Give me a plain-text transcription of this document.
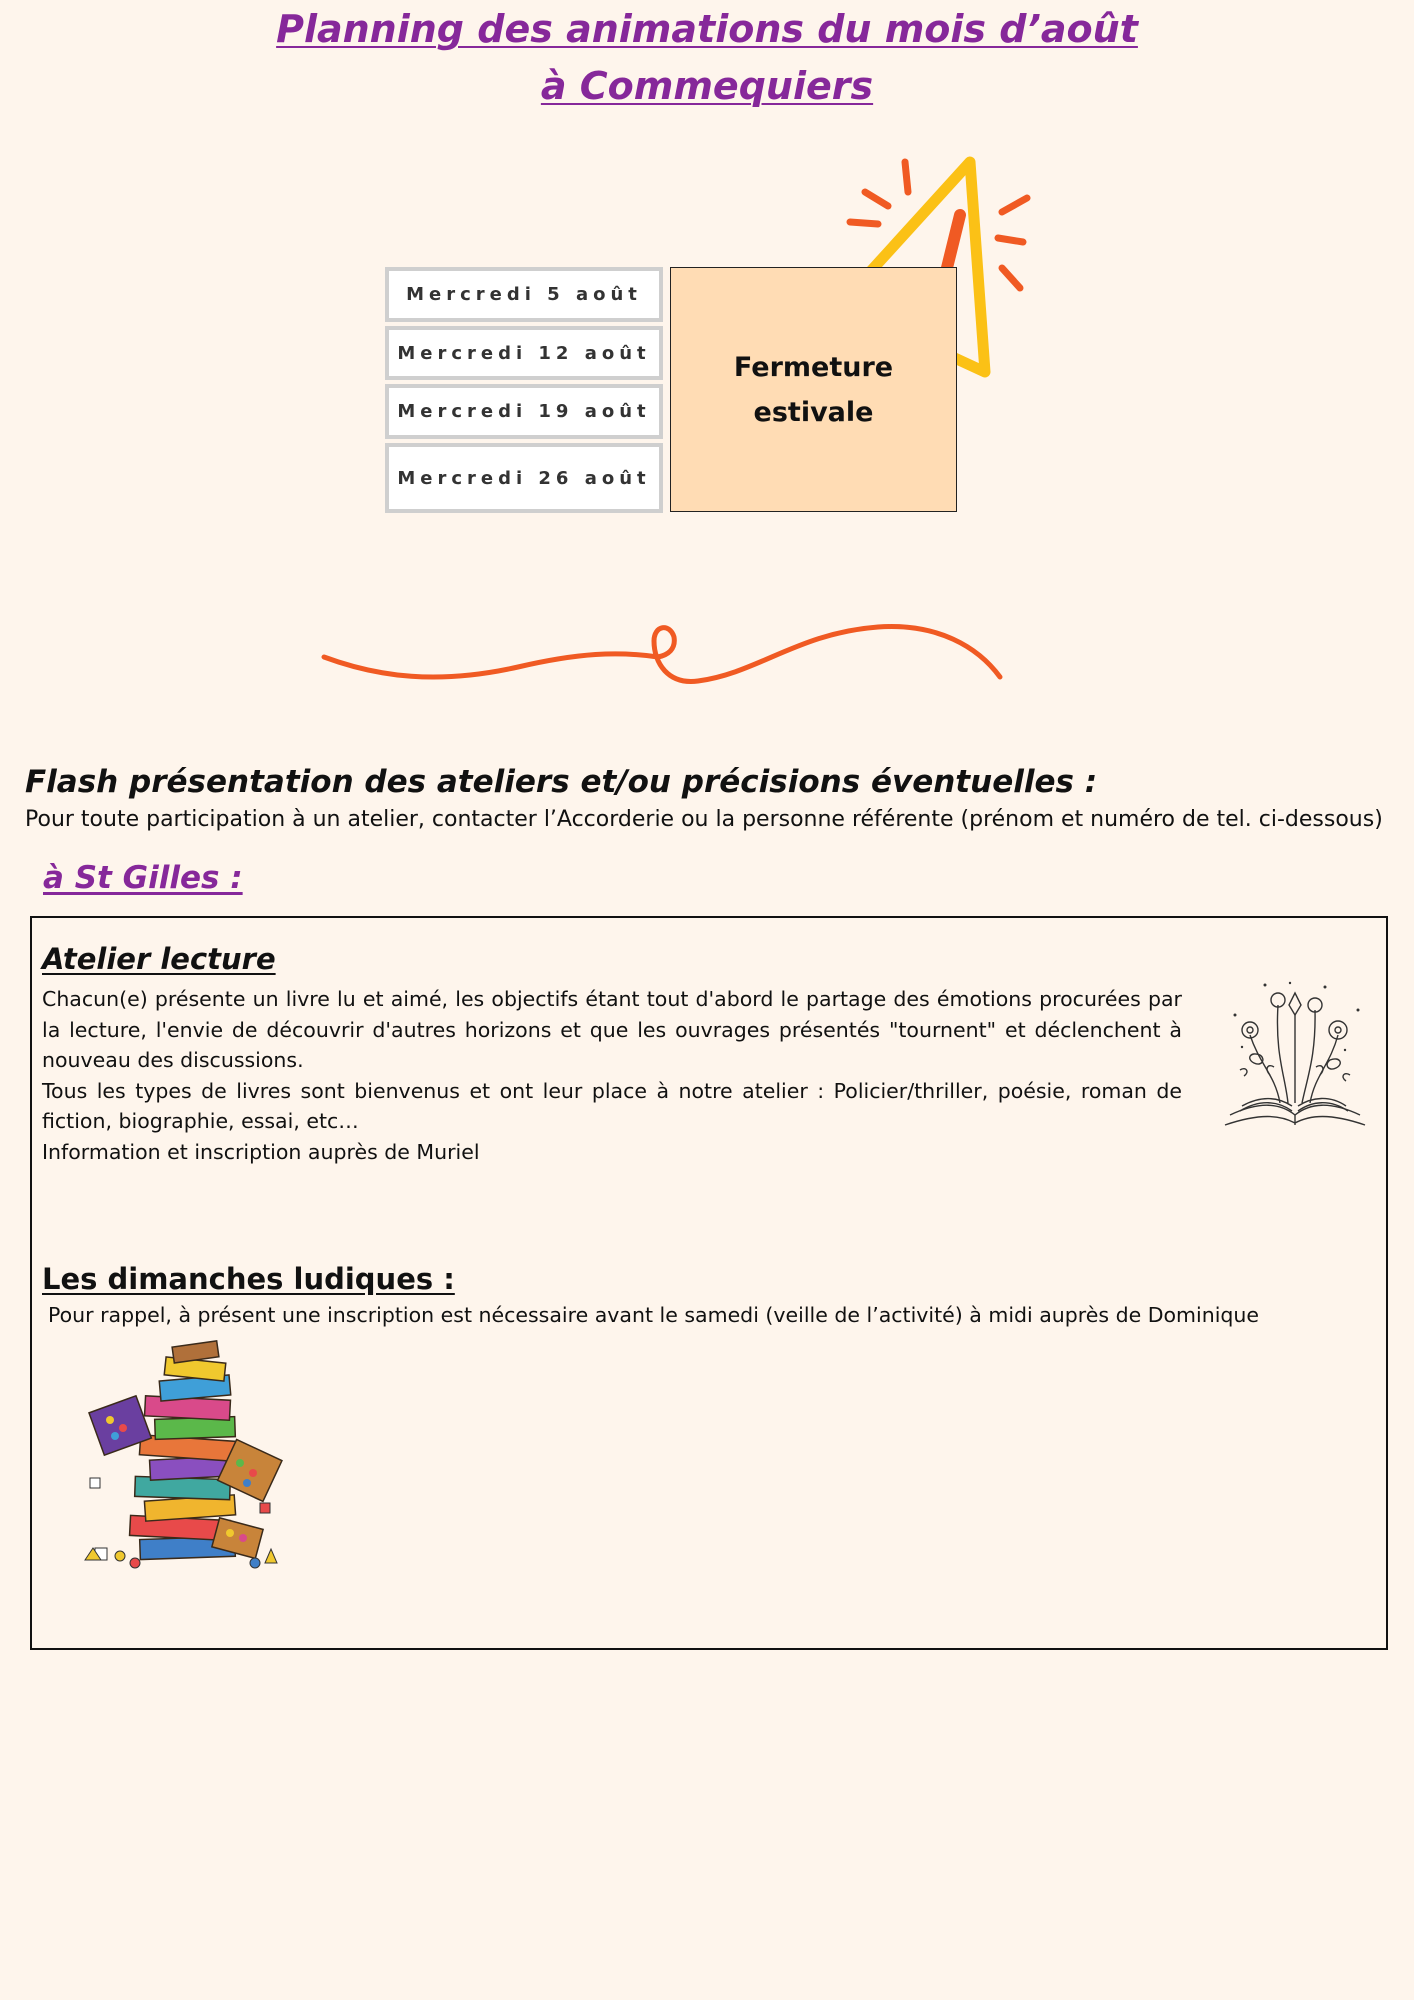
Planning des animations du mois d’août
à Commequiers
Mercredi 5 août
Mercredi 12 août
Mercredi 19 août
Mercredi 26 août
Fermeture estivale
Flash présentation des ateliers et/ou précisions éventuelles :
Pour toute participation à un atelier, contacter l’Accorderie ou la personne référente (prénom et numéro de tel. ci-dessous)
à St Gilles :
Atelier lecture

Chacun(e) présente un livre lu et aimé, les objectifs étant tout d'abord le partage des émotions procurées par la lecture, l'envie de découvrir d'autres horizons et que les ouvrages présentés "tournent" et déclenchent à nouveau des discussions.

Tous les types de livres sont bienvenus et ont leur place à notre atelier : Policier/thriller, poésie, roman de fiction, biographie, essai, etc…

Information et inscription auprès de Muriel

Les dimanches ludiques :
Pour rappel, à présent une inscription est nécessaire avant le samedi (veille de l’activité) à midi auprès de Dominique
